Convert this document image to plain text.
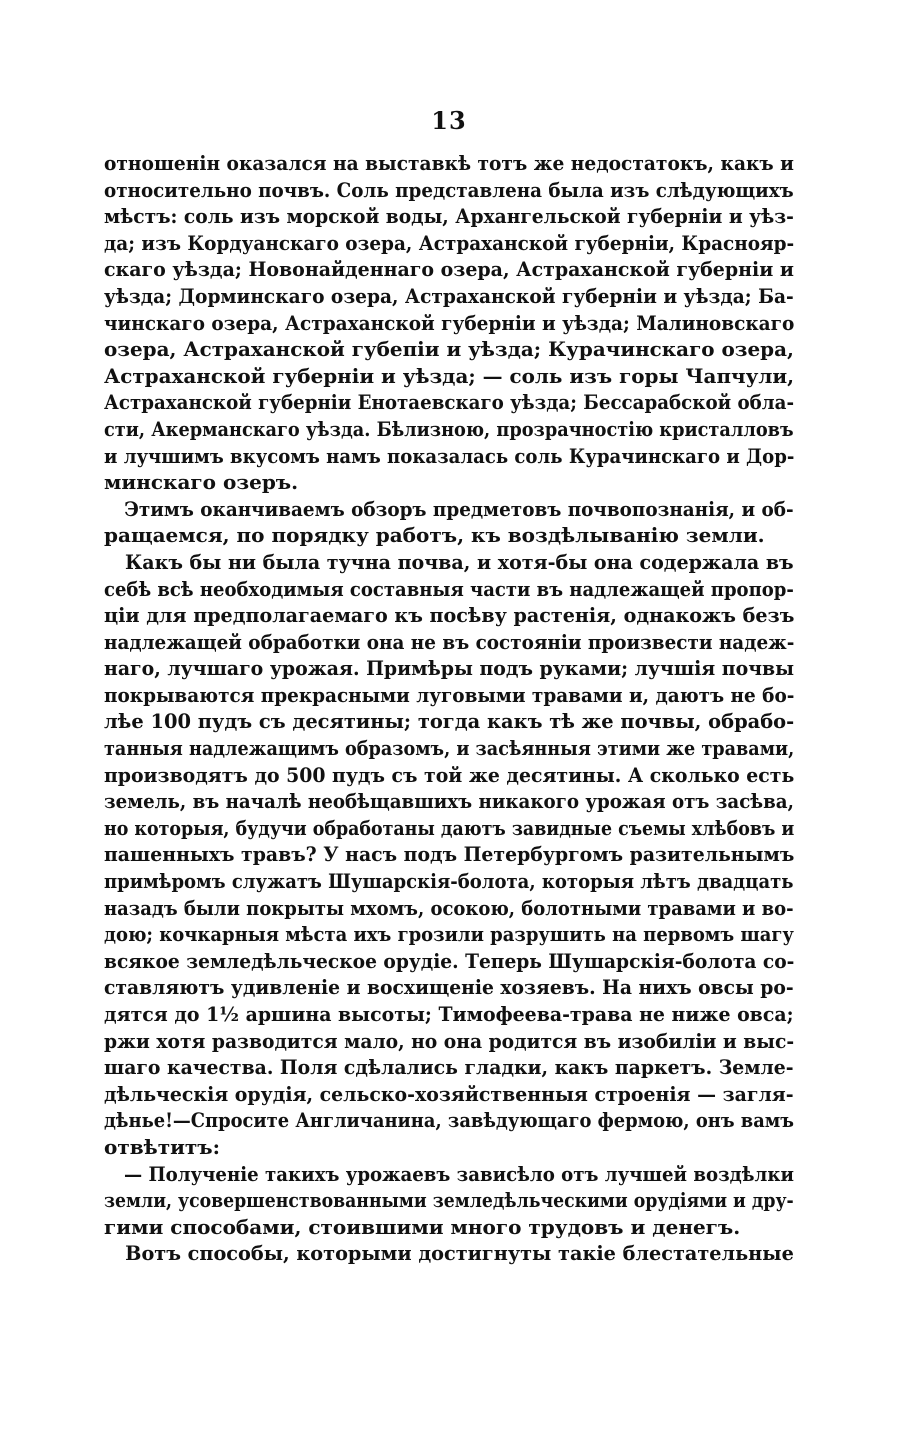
13
отношенін оказался на выставкѣ тотъ же недостатокъ, какъ и
относительно почвъ. Соль представлена была изъ слѣдующихъ
мѣстъ: соль изъ морской воды, Архангельской губерніи и уѣз-
да; изъ Кордуанскаго озера, Астраханской губерніи, Краснояр-
скаго уѣзда; Новонайденнаго озера, Астраханской губерніи и
уѣзда; Дорминскаго озера, Астраханской губерніи и уѣзда; Ба-
чинскаго озера, Астраханской губерніи и уѣзда; Малиновскаго
озера, Астраханской губепіи и уѣзда; Курачинскаго озера,
Астраханской губерніи и уѣзда; — соль изъ горы Чапчули,
Астраханской губерніи Енотаевскаго уѣзда; Бессарабской обла-
сти, Акерманскаго уѣзда. Бѣлизною, прозрачностію кристалловъ
и лучшимъ вкусомъ намъ показалась соль Курачинскаго и Дор-
минскаго озеръ.
Этимъ оканчиваемъ обзоръ предметовъ почвопознанія, и об-
ращаемся, по порядку работъ, къ воздѣлыванію земли.
Какъ бы ни была тучна почва, и хотя-бы она содержала въ
себѣ всѣ необходимыя составныя части въ надлежащей пропор-
ціи для предполагаемаго къ посѣву растенія, однакожъ безъ
надлежащей обработки она не въ состояніи произвести надеж-
наго, лучшаго урожая. Примѣры подъ руками; лучшія почвы
покрываются прекрасными луговыми травами и, даютъ не бо-
лѣе 100 пудъ съ десятины; тогда какъ тѣ же почвы, обрабо-
танныя надлежащимъ образомъ, и засѣянныя этими же травами,
производятъ до 500 пудъ съ той же десятины. А сколько есть
земель, въ началѣ необѣщавшихъ никакого урожая отъ засѣва,
но которыя, будучи обработаны даютъ завидные съемы хлѣбовъ и
пашенныхъ травъ? У насъ подъ Петербургомъ разительнымъ
примѣромъ служатъ Шушарскія-болота, которыя лѣтъ двадцать
назадъ были покрыты мхомъ, осокою, болотными травами и во-
дою; кочкарныя мѣста ихъ грозили разрушить на первомъ шагу
всякое земледѣльческое орудіе. Теперь Шушарскія-болота со-
ставляютъ удивленіе и восхищеніе хозяевъ. На нихъ овсы ро-
дятся до 1½ аршина высоты; Тимофеева-трава не ниже овса;
ржи хотя разводится мало, но она родится въ изобиліи и выс-
шаго качества. Поля сдѣлались гладки, какъ паркетъ. Земле-
дѣльческія орудія, сельско-хозяйственныя строенія — загля-
дѣнье!—Спросите Англичанина, завѣдующаго фермою, онъ вамъ
отвѣтитъ:
— Полученіе такихъ урожаевъ зависѣло отъ лучшей воздѣлки
земли, усовершенствованными земледѣльческими орудіями и дру-
гими способами, стоившими много трудовъ и денегъ.
Вотъ способы, которыми достигнуты такіе блестательные
